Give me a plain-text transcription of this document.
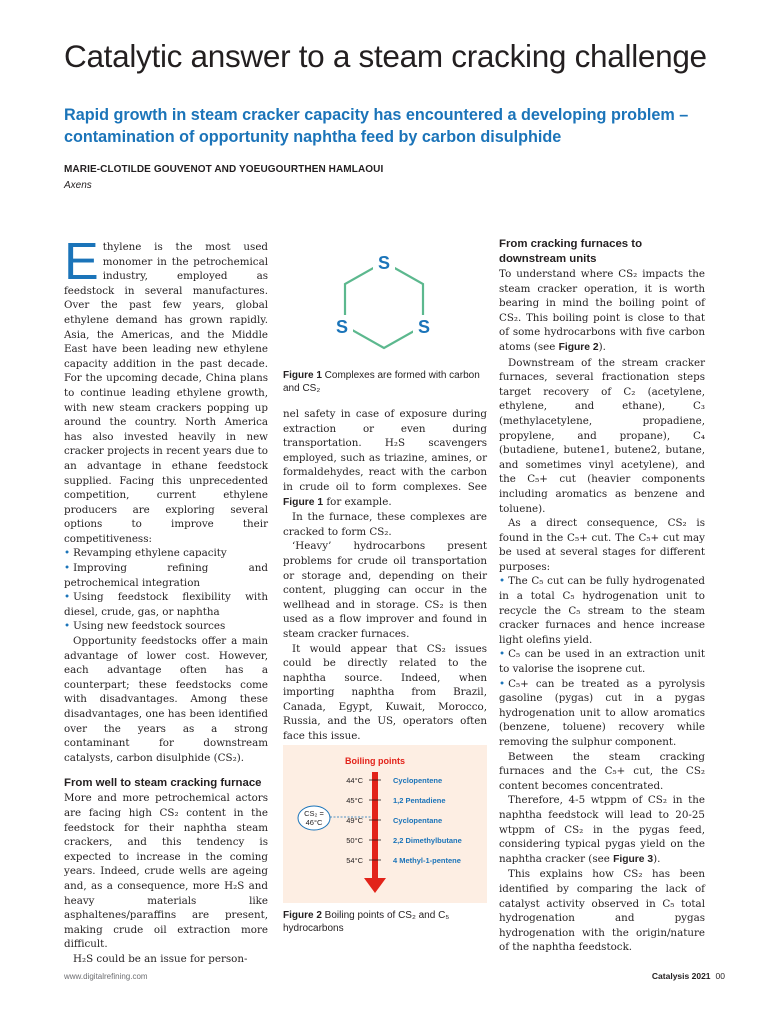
Catalytic answer to a steam cracking challenge
Rapid growth in steam cracker capacity has encountered a developing problem – contamination of opportunity naphtha feed by carbon disulphide
MARIE-CLOTILDE GOUVENOT AND YOEUGOURTHEN HAMLAOUI
Axens

Ethylene is the most used monomer in the petrochemical industry, employed as feedstock in several manufactures. Over the past few years, global ethylene demand has grown rapidly. Asia, the Americas, and the Middle East have been leading new ethylene capacity addition in the past decade. For the upcoming decade, China plans to continue leading ethylene growth, with new steam crackers popping up around the country. North America has also invested heavily in new cracker projects in recent years due to an advantage in ethane feedstock supplied. Facing this unprecedented competition, current ethylene producers are exploring several options to improve their competitiveness:

• Revamping ethylene capacity

• Improving refining and petrochemical integration

• Using feedstock flexibility with diesel, crude, gas, or naphtha

• Using new feedstock sources

Opportunity feedstocks offer a main advantage of lower cost. However, each advantage often has a counterpart; these feedstocks come with disadvantages. Among these disadvantages, one has been identified over the years as a strong contaminant for downstream catalysts, carbon disulphide (CS₂).

From well to steam cracking furnace

More and more petrochemical actors are facing high CS₂ content in the feedstock for their naphtha steam crackers, and this tendency is expected to increase in the coming years. Indeed, crude wells are ageing and, as a consequence, more H₂S and heavy materials like asphaltenes/paraffins are present, making crude oil extraction more difficult.

H₂S could be an issue for person-

S
S	S
Figure 1 Complexes are formed with carbon and CS₂

nel safety in case of exposure during extraction or even during transportation. H₂S scavengers employed, such as triazine, amines, or formaldehydes, react with the carbon in crude oil to form complexes. See Figure 1 for example.

In the furnace, these complexes are cracked to form CS₂.

‘Heavy’ hydrocarbons present problems for crude oil transportation or storage and, depending on their content, plugging can occur in the wellhead and in storage. CS₂ is then used as a flow improver and found in steam cracker furnaces.

It would appear that CS₂ issues could be directly related to the naphtha source. Indeed, when importing naphtha from Brazil, Canada, Egypt, Kuwait, Morocco, Russia, and the US, operators often face this issue.

Boiling points
44°C	Cyclopentene
45°C	1,2 Pentadiene
49°C	Cyclopentane
50°C	2,2 Dimethylbutane
54°C	4 Methyl-1-pentene
CS₂ =
46°C
Figure 2 Boiling points of CS₂ and C₅ hydrocarbons
From cracking furnaces to downstream units

To understand where CS₂ impacts the steam cracker operation, it is worth bearing in mind the boiling point of CS₂. This boiling point is close to that of some hydrocarbons with five carbon atoms (see Figure 2).

Downstream of the stream cracker furnaces, several fractionation steps target recovery of C₂ (acetylene, ethylene, and ethane), C₃ (methylacetylene, propadiene, propylene, and propane), C₄ (butadiene, butene1, butene2, butane, and sometimes vinyl acetylene), and the C₅+ cut (heavier components including aromatics as benzene and toluene).

As a direct consequence, CS₂ is found in the C₅+ cut. The C₅+ cut may be used at several stages for different purposes:

• The C₅ cut can be fully hydrogenated in a total C₅ hydrogenation unit to recycle the C₅ stream to the steam cracker furnaces and hence increase light olefins yield.

• C₅ can be used in an extraction unit to valorise the isoprene cut.

• C₅+ can be treated as a pyrolysis gasoline (pygas) cut in a pygas hydrogenation unit to allow aromatics (benzene, toluene) recovery while removing the sulphur component.

Between the steam cracking furnaces and the C₅+ cut, the CS₂ content becomes concentrated.

Therefore, 4-5 wtppm of CS₂ in the naphtha feedstock will lead to 20-25 wtppm of CS₂ in the pygas feed, considering typical pygas yield on the naphtha cracker (see Figure 3).

This explains how CS₂ has been identified by comparing the lack of catalyst activity observed in C₅ total hydrogenation and pygas hydrogenation with the origin/nature of the naphtha feedstock.

www.digitalrefining.com	Catalysis 2021 00
